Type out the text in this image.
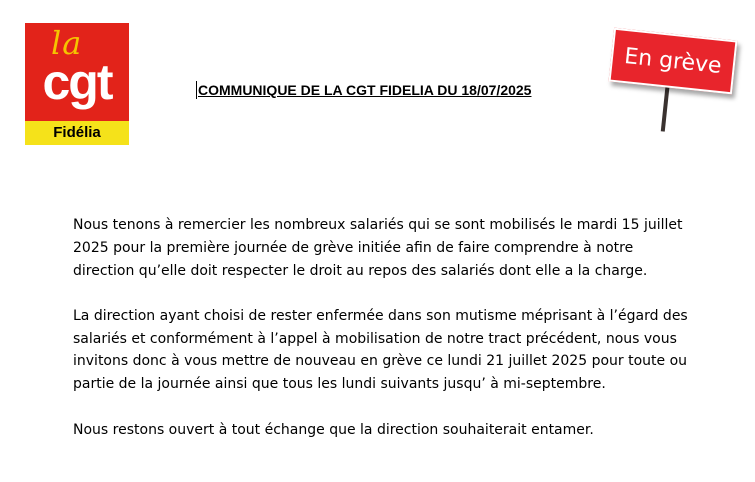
la
cgt
Fidélia
COMMUNIQUE DE LA CGT FIDELIA DU 18/07/2025
En grève

Nous tenons à remercier les nombreux salariés qui se sont mobilisés le mardi 15 juillet 2025 pour la première journée de grève initiée afin de faire comprendre à notre direction qu’elle doit respecter le droit au repos des salariés dont elle a la charge.

La direction ayant choisi de rester enfermée dans son mutisme méprisant à l’égard des salariés et conformément à l’appel à mobilisation de notre tract précédent, nous vous invitons donc à vous mettre de nouveau en grève ce lundi 21 juillet 2025 pour toute ou partie de la journée ainsi que tous les lundi suivants jusqu’ à mi-septembre.

Nous restons ouvert à tout échange que la direction souhaiterait entamer.
